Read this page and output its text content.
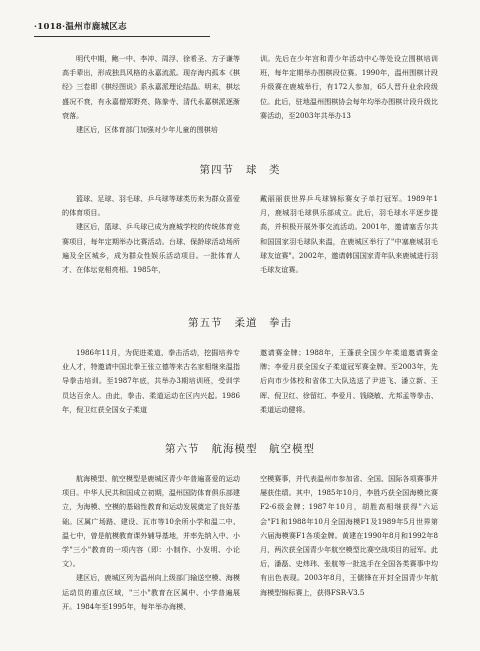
·1018·温州市鹿城区志

明代中期，鲍一中、李冲、周浮、徐希圣、方子谦等高手辈出，形成独具风格的永嘉流派。现存海内孤本《棋经》三卷即《棋经图说》系永嘉派理论结晶。明末，棋坛盛况不衰，有永嘉僧郑野亮、陈豢寺、清代永嘉棋派逐渐衰落。

建区后，区体育部门加强对少年儿童的围棋培

训。先后在少年宫和青少年活动中心等处设立围棋培训班，每年定期举办围棋段位赛。1990年，温州围棋计段升级赛在鹿城举行，有172人参加，65人晋升业余段级位。此后，驻地温州围棋协会每年均举办围棋计段升级比赛活动，至2003年共举办13

第四节 球　类

篮球、足球、羽毛球、乒乓球等球类历来为群众喜爱的体育项目。

建区后，篮球、乒乓球已成为鹿城学校的传统体育竞赛项目，每年定期举办比赛活动。台球、保龄球活动场所遍及全区城乡，成为群众性娱乐活动项目。一批体育人才、在体坛竞相亮相。1985年，

戴丽丽获世界乒乓球锦标赛女子单打冠军。1989年1月，鹿城羽毛球俱乐部成立。此后，羽毛球水平逐步提高，并积极开展外事交流活动。2001年，邀请塞舌尔共和国国家羽毛球队来温，在鹿城区举行了"中塞鹿城羽毛球友谊赛"。2002年，邀请韩国国家青年队来鹿城进行羽毛球友谊赛。

第五节 柔道　拳击

1986年11月，为促进柔道、拳击活动，挖掘培养专业人才，特邀请中国北拳王张立德等来古名家相继来温指导拳击培训。至1987年底，共举办3期培训班，受训学员达百余人。由此，拳击、柔道运动在区内兴起。1986年，倪卫红获全国女子柔道

邀请赛金牌；1988年，王蓬获全国少年柔道邀请赛金牌；李爱月获全国女子柔道冠军赛金牌。至2003年，先后向市少体校和省体工大队选送了尹进飞、潘立新、王晖、倪卫红、徐留红、李爱月、钱晓敏、尤邦孟等拳击、柔道运动健将。

第六节 航海模型　航空模型

航海模型、航空模型是鹿城区青少年普遍喜爱的运动项目。中华人民共和国成立初期，温州国防体育俱乐部建立，为海模、空模的基础性教育和运动发展奠定了良好基础。区属广场路、建设、瓦市等10余所小学和温二中、温七中，曾是航模教育课外辅导基地，并率先纳入中、小学"三小"教育的一项内容（即：小制作、小发明、小论文）。

建区后，鹿城区列为温州向上级部门输送空模、海模运动员的重点区域，"三小"教育在区属中、小学普遍展开。1984年至1995年，每年举办海模、

空模赛事，并代表温州市参加省、全国、国际各项赛事并屡获佳绩。其中，1985年10月，李胜巧获全国海模比赛F2-6级金牌；1987年10月，胡胜高相继获得"六运会"F1和1988年10月全国海模F1及1989年5月世界第六届海模赛F1各项金牌。黄建在1990年8月和1992年8月，两次获全国青少年航空模型比赛空战项目的冠军。此后，潘磊、史炜玮、张航等一批选手在全国各类赛事中均有出色表现。2003年8月，王儒锋在开封全国青少年航海模型锦标赛上，获得FSR-V3.5
